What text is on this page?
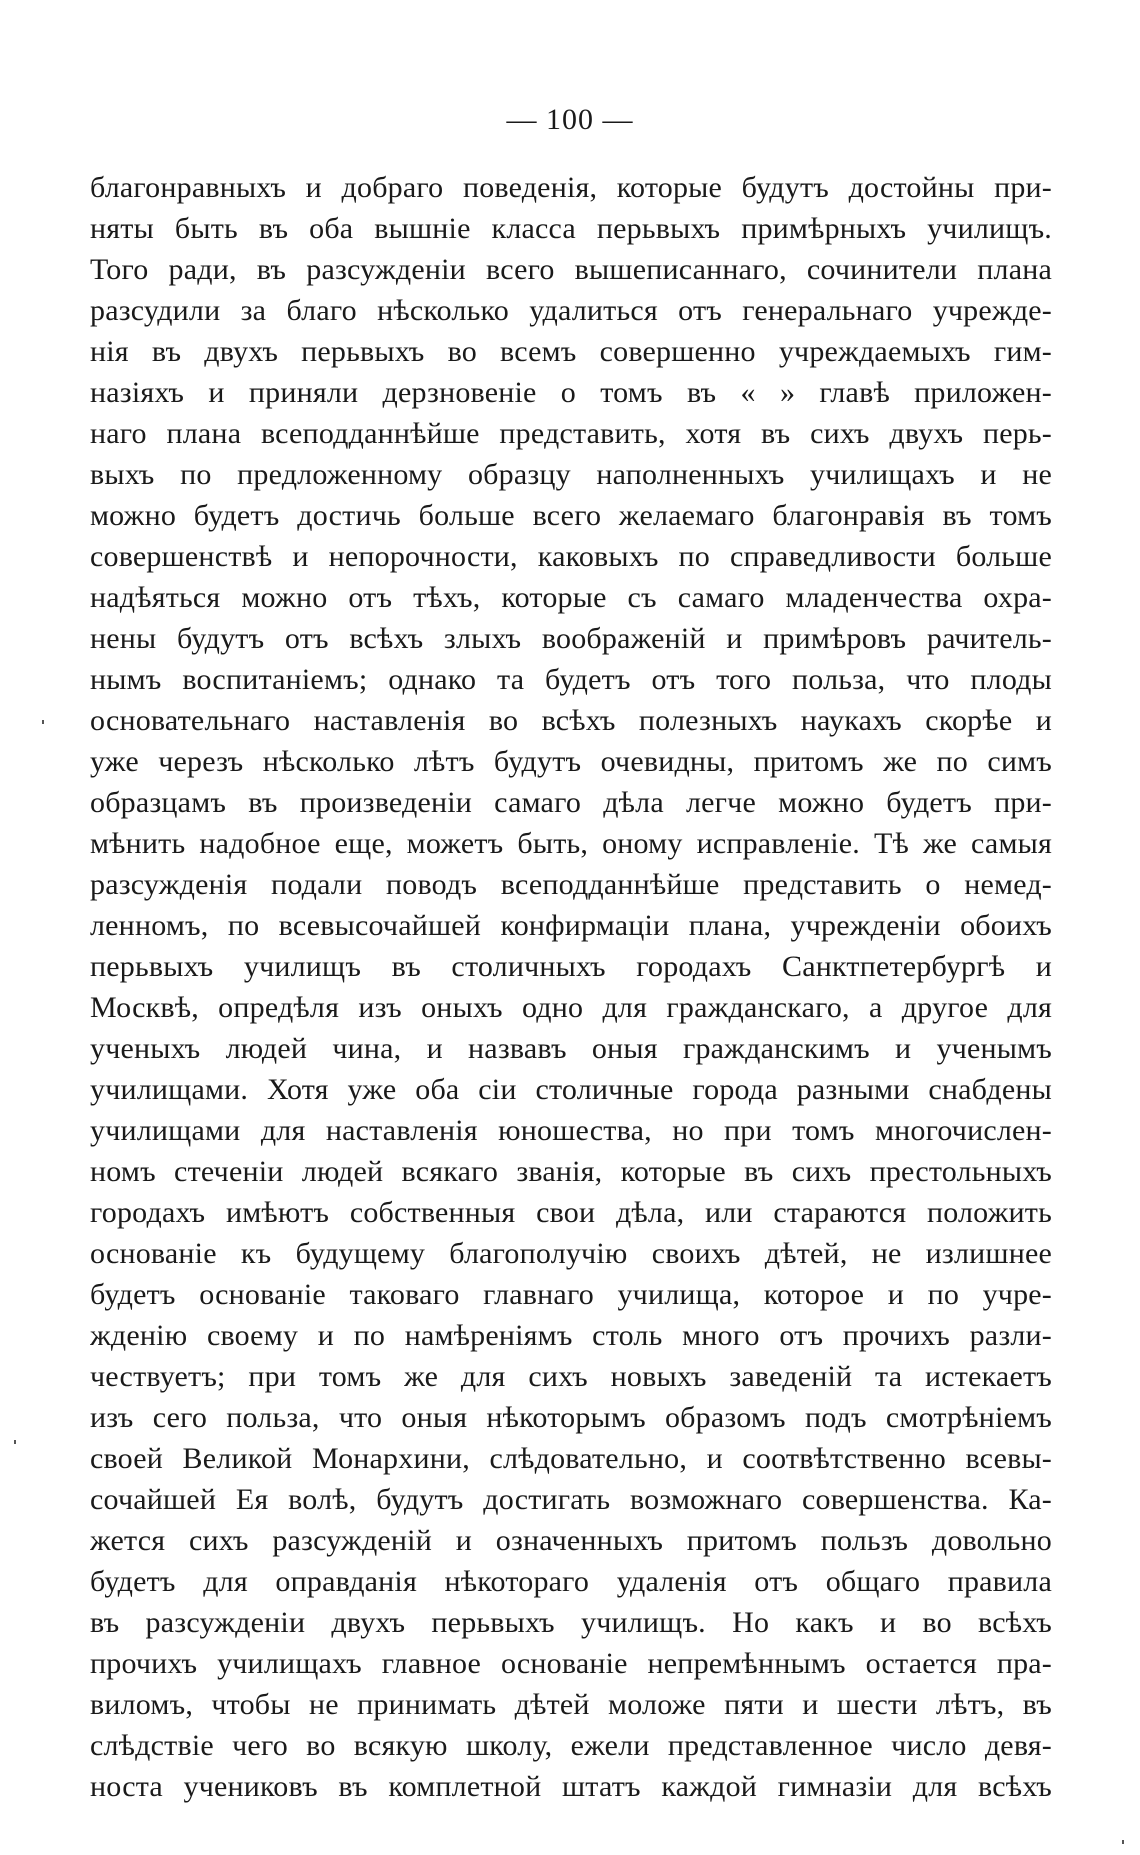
— 100 —
благонравныхъ и добраго поведенія, которые будутъ достойны при-
няты быть въ оба вышніе класса перьвыхъ примѣрныхъ училищъ.
Того ради, въ разсужденіи всего вышеписаннаго, сочинители плана
разсудили за благо нѣсколько удалиться отъ генеральнаго учрежде-
нія въ двухъ перьвыхъ во всемъ совершенно учреждаемыхъ гим-
назіяхъ и приняли дерзновеніе о томъ въ « » главѣ приложен-
наго плана всеподданнѣйше представить, хотя въ сихъ двухъ перь-
выхъ по предложенному образцу наполненныхъ училищахъ и не
можно будетъ достичь больше всего желаемаго благонравія въ томъ
совершенствѣ и непорочности, каковыхъ по справедливости больше
надѣяться можно отъ тѣхъ, которые съ самаго младенчества охра-
нены будутъ отъ всѣхъ злыхъ воображеній и примѣровъ рачитель-
нымъ воспитаніемъ; однако та будетъ отъ того польза, что плоды
основательнаго наставленія во всѣхъ полезныхъ наукахъ скорѣе и
уже черезъ нѣсколько лѣтъ будутъ очевидны, притомъ же по симъ
образцамъ въ произведеніи самаго дѣла легче можно будетъ при-
мѣнить надобное еще, можетъ быть, оному исправленіе. Тѣ же самыя
разсужденія подали поводъ всеподданнѣйше представить о немед-
ленномъ, по всевысочайшей конфирмаціи плана, учрежденіи обоихъ
перьвыхъ училищъ въ столичныхъ городахъ Санктпетербургѣ и
Москвѣ, опредѣля изъ оныхъ одно для гражданскаго, а другое для
ученыхъ людей чина, и назвавъ оныя гражданскимъ и ученымъ
училищами. Хотя уже оба сіи столичные города разными снабдены
училищами для наставленія юношества, но при томъ многочислен-
номъ стеченіи людей всякаго званія, которые въ сихъ престольныхъ
городахъ имѣютъ собственныя свои дѣла, или стараются положить
основаніе къ будущему благополучію своихъ дѣтей, не излишнее
будетъ основаніе таковаго главнаго училища, которое и по учре-
жденію своему и по намѣреніямъ столь много отъ прочихъ разли-
чествуетъ; при томъ же для сихъ новыхъ заведеній та истекаетъ
изъ сего польза, что оныя нѣкоторымъ образомъ подъ смотрѣніемъ
своей Великой Монархини, слѣдовательно, и соотвѣтственно всевы-
сочайшей Ея волѣ, будутъ достигать возможнаго совершенства. Ка-
жется сихъ разсужденій и означенныхъ притомъ пользъ довольно
будетъ для оправданія нѣкотораго удаленія отъ общаго правила
въ разсужденіи двухъ перьвыхъ училищъ. Но какъ и во всѣхъ
прочихъ училищахъ главное основаніе непремѣннымъ остается пра-
виломъ, чтобы не принимать дѣтей моложе пяти и шести лѣтъ, въ
слѣдствіе чего во всякую школу, ежели представленное число девя-
носта учениковъ въ комплетной штатъ каждой гимназіи для всѣхъ
